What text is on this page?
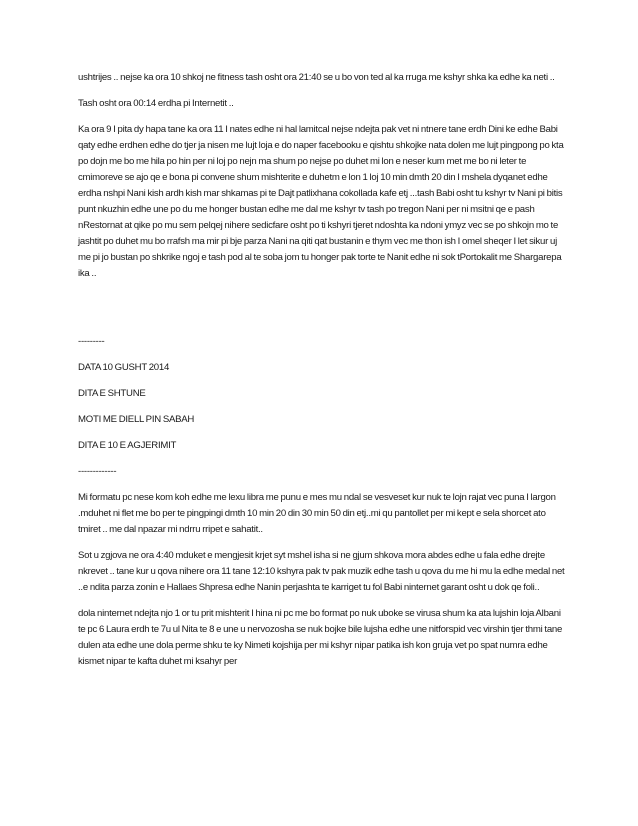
ushtrijes .. nejse ka ora 10 shkoj ne fitness tash osht ora 21:40 se u bo von ted al ka rruga me kshyr shka ka edhe ka neti ..

Tash osht ora 00:14 erdha pi Internetit ..

Ka ora 9 I pita dy hapa tane ka ora 11 I nates edhe ni hal lamitcal nejse ndejta pak vet ni ntnere tane erdh Dini ke edhe Babi qaty edhe erdhen edhe do tjer ja nisen me lujt loja e do naper facebooku e qishtu shkojke nata dolen me lujt pingpong po kta po dojn me bo me hila po hin per ni loj po nejn ma shum po nejse po duhet mi lon e neser kum met me bo ni leter te cmimoreve se ajo qe e bona pi convene shum mishterite e duhetm e lon 1 loj 10 min dmth 20 din I mshela dyqanet edhe erdha nshpi Nani kish ardh kish mar shkamas pi te Dajt patlixhana cokollada kafe etj ...tash Babi osht tu kshyr tv Nani pi bitis punt nkuzhin edhe une po du me honger bustan edhe me dal me kshyr tv tash po tregon Nani per ni msitni qe e pash nRestornat at qike po mu sem pelqej nihere sedicfare osht po ti kshyri tjeret ndoshta ka ndoni ymyz vec se po shkojn mo te jashtit po duhet mu bo rrafsh ma mir pi bje parza Nani na qiti qat bustanin e thym vec me thon ish I omel sheqer I let sikur uj me pi jo bustan po shkrike ngoj e tash pod al te soba jom tu honger pak torte te Nanit edhe ni sok tPortokalit me Shargarepa ika ..

---------

DATA 10 GUSHT 2014

DITA E SHTUNE

MOTI ME DIELL PIN SABAH

DITA E 10 E AGJERIMIT

-------------

Mi formatu pc nese kom koh edhe me lexu libra me punu e mes mu ndal se vesveset kur nuk te lojn rajat vec puna I largon .mduhet ni flet me bo per te pingpingi dmth 10 min 20 din 30 min 50 din etj..mi qu pantollet per mi kept e sela shorcet ato tmiret .. me dal npazar mi ndrru rripet e sahatit..

Sot u zgjova ne ora 4:40 mduket e mengjesit krjet syt mshel isha si ne gjum shkova mora abdes edhe u fala edhe drejte nkrevet .. tane kur u qova nihere ora 11 tane 12:10 kshyra pak tv pak muzik edhe tash u qova du me hi mu la edhe medal net ..e ndita parza zonin e Hallaes Shpresa edhe Nanin perjashta te karriget tu fol Babi ninternet garant osht u dok qe foli..

dola ninternet ndejta njo 1 or tu prit mishterit I hina ni pc me bo format po nuk uboke se virusa shum ka ata lujshin loja Albani te pc 6 Laura erdh te 7u ul Nita te 8 e une u nervozosha se nuk bojke bile lujsha edhe une nitforspid vec virshin tjer thmi tane dulen ata edhe une dola perme shku te ky Nimeti kojshija per mi kshyr nipar patika ish kon gruja vet po spat numra edhe kismet nipar te kafta duhet mi ksahyr per
